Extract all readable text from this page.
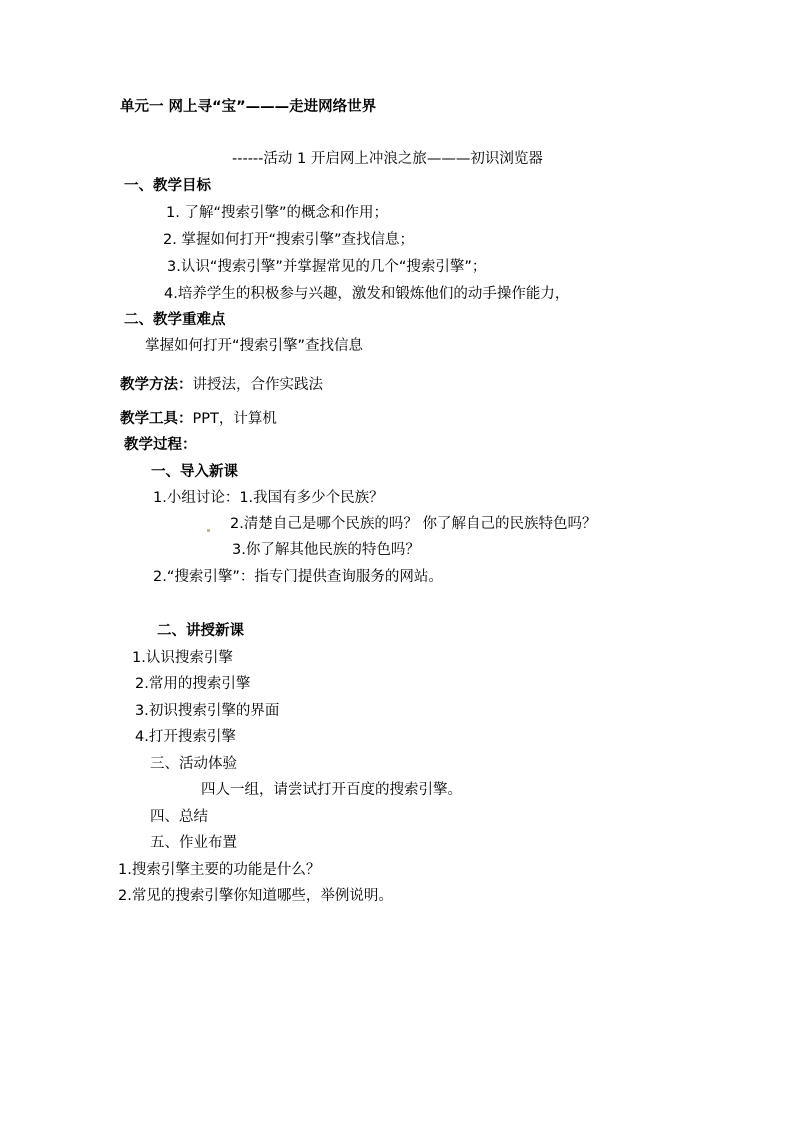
单元一 网上寻“宝”———走进网络世界
------活动 1 开启网上冲浪之旅———初识浏览器
一、教学目标
1. 了解“搜索引擎”的概念和作用；
2. 掌握如何打开“搜索引擎”查找信息；
3.认识“搜索引擎”并掌握常见的几个“搜索引擎”；
4.培养学生的积极参与兴趣，激发和锻炼他们的动手操作能力，
二、教学重难点
掌握如何打开“搜索引擎”查找信息
教学方法：讲授法，合作实践法
教学工具：PPT，计算机
教学过程：
一、导入新课
1.小组讨论：1.我国有多少个民族？
2.清楚自己是哪个民族的吗？ 你了解自己的民族特色吗？
3.你了解其他民族的特色吗？
2.“搜索引擎”：指专门提供查询服务的网站。
二、讲授新课
1.认识搜索引擎
2.常用的搜索引擎
3.初识搜索引擎的界面
4.打开搜索引擎
三、活动体验
四人一组，请尝试打开百度的搜索引擎。
四、总结
五、作业布置
1.搜索引擎主要的功能是什么？
2.常见的搜索引擎你知道哪些，举例说明。
